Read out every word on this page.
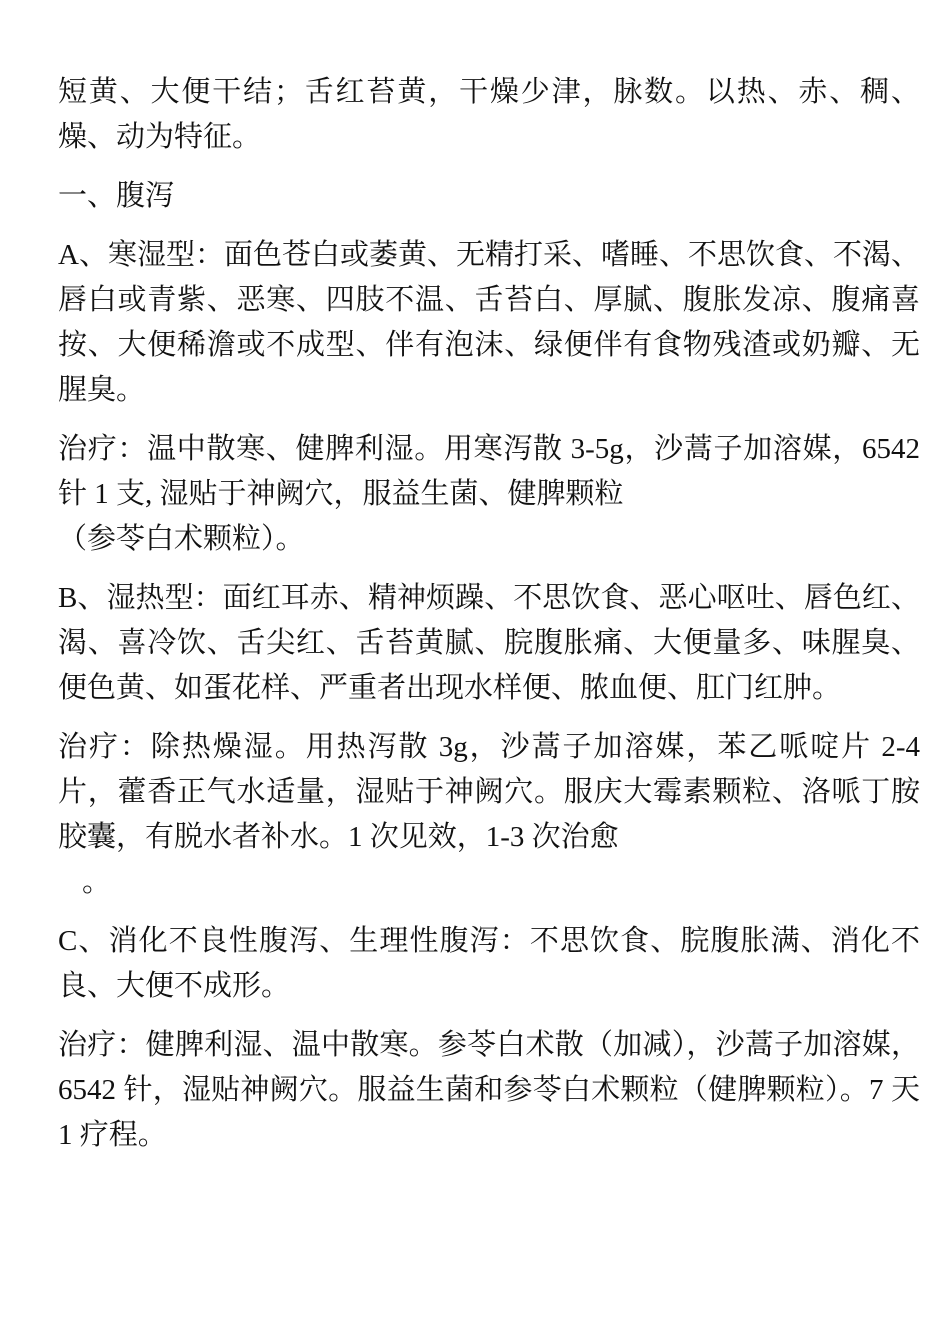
短黄、大便干结；舌红苔黄，干燥少津，脉数。以热、赤、稠、燥、动为特征。

一、腹泻

A、寒湿型：面色苍白或萎黄、无精打采、嗜睡、不思饮食、不渴、唇白或青紫、恶寒、四肢不温、舌苔白、厚腻、腹胀发凉、腹痛喜按、大便稀澹或不成型、伴有泡沫、绿便伴有食物残渣或奶瓣、无腥臭。

治疗：温中散寒、健脾利湿。用寒泻散 3-5g，沙蒿子加溶媒，6542 针 1 支, 湿贴于神阙穴，服益生菌、健脾颗粒
（参苓白术颗粒）。

B、湿热型：面红耳赤、精神烦躁、不思饮食、恶心呕吐、唇色红、渴、喜冷饮、舌尖红、舌苔黄腻、脘腹胀痛、大便量多、味腥臭、便色黄、如蛋花样、严重者出现水样便、脓血便、肛门红肿。

治疗：除热燥湿。用热泻散 3g，沙蒿子加溶媒，苯乙哌啶片 2-4 片，藿香正气水适量，湿贴于神阙穴。服庆大霉素颗粒、洛哌丁胺胶囊，有脱水者补水。1 次见效，1-3 次治愈
。

C、消化不良性腹泻、生理性腹泻：不思饮食、脘腹胀满、消化不良、大便不成形。

治疗：健脾利湿、温中散寒。参苓白术散（加减），沙蒿子加溶媒，6542 针，湿贴神阙穴。服益生菌和参苓白术颗粒（健脾颗粒）。7 天 1 疗程。
